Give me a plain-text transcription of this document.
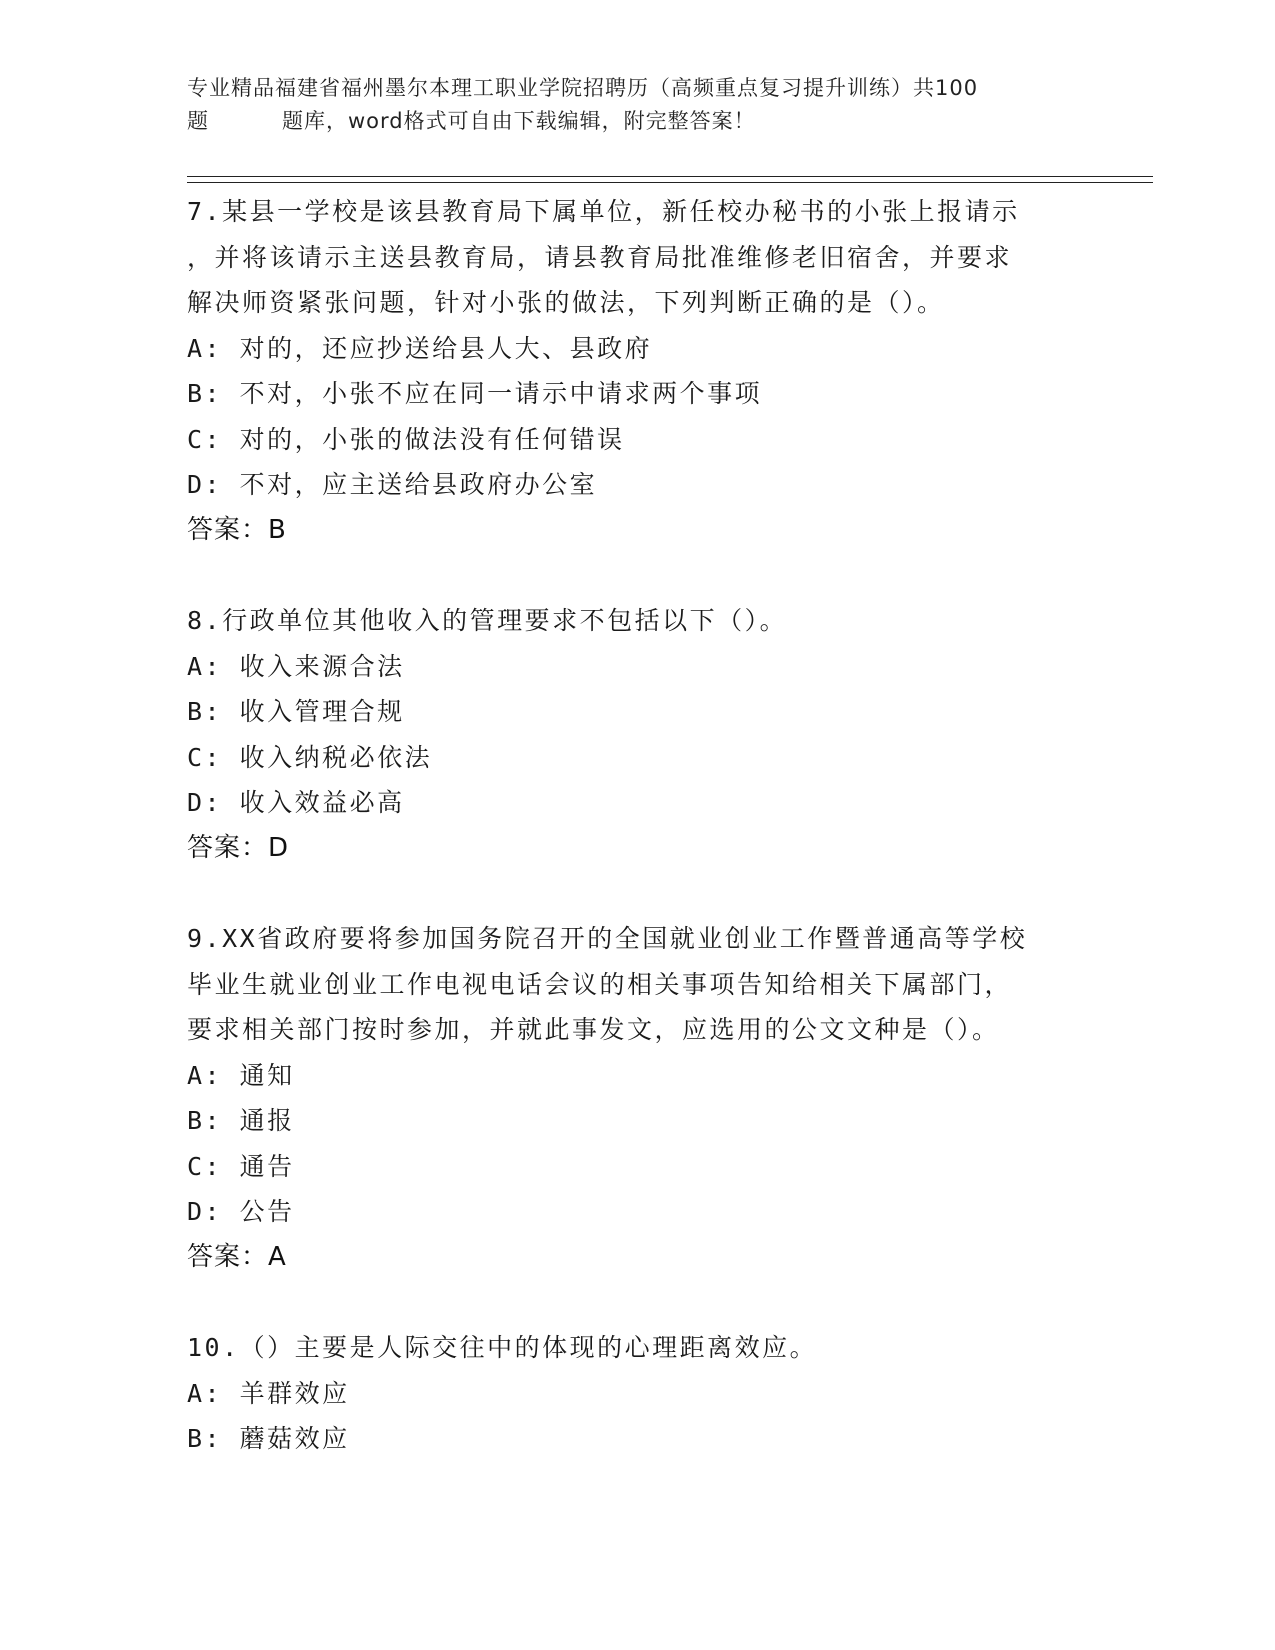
专业精品福建省福州墨尔本理工职业学院招聘历（高频重点复习提升训练）共100
题	题库，word格式可自由下载编辑，附完整答案！
7.某县一学校是该县教育局下属单位，新任校办秘书的小张上报请示
，并将该请示主送县教育局，请县教育局批准维修老旧宿舍，并要求
解决师资紧张问题，针对小张的做法，下列判断正确的是（）。
A: 对的，还应抄送给县人大、县政府
B: 不对，小张不应在同一请示中请求两个事项
C: 对的，小张的做法没有任何错误
D: 不对，应主送给县政府办公室
答案：B
8.行政单位其他收入的管理要求不包括以下（）。
A: 收入来源合法
B: 收入管理合规
C: 收入纳税必依法
D: 收入效益必高
答案：D
9.XX省政府要将参加国务院召开的全国就业创业工作暨普通高等学校
毕业生就业创业工作电视电话会议的相关事项告知给相关下属部门，
要求相关部门按时参加，并就此事发文，应选用的公文文种是（）。
A: 通知
B: 通报
C: 通告
D: 公告
答案：A
10.（）主要是人际交往中的体现的心理距离效应。
A: 羊群效应
B: 蘑菇效应
